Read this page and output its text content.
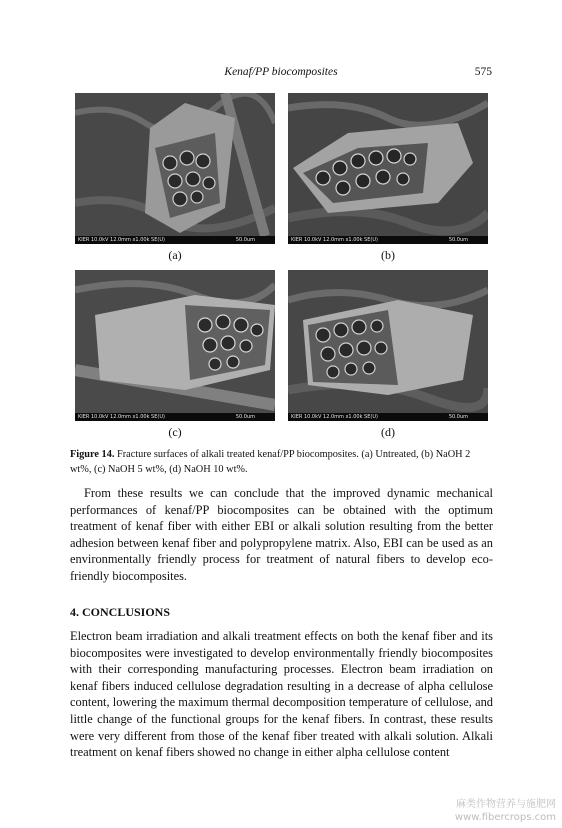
Kenaf/PP biocomposites	575
KIER 10.0kV 12.0mm x1.00k SE(U)	50.0um
(a)
KIER 10.0kV 12.0mm x1.00k SE(U)	50.0um
(b)
KIER 10.0kV 12.0mm x1.00k SE(U)	50.0um
(c)
KIER 10.0kV 12.0mm x1.00k SE(U)	50.0um
(d)
Figure 14. Fracture surfaces of alkali treated kenaf/PP biocomposites. (a) Untreated, (b) NaOH 2 wt%, (c) NaOH 5 wt%, (d) NaOH 10 wt%.
From these results we can conclude that the improved dynamic mechanical performances of kenaf/PP biocomposites can be obtained with the optimum treatment of kenaf fiber with either EBI or alkali solution resulting from the better adhesion between kenaf fiber and polypropylene matrix. Also, EBI can be used as an environmentally friendly process for treatment of natural fibers to develop eco-friendly biocomposites.
4. CONCLUSIONS
Electron beam irradiation and alkali treatment effects on both the kenaf fiber and its biocomposites were investigated to develop environmentally friendly biocomposites with their corresponding manufacturing processes. Electron beam irradiation on kenaf fibers induced cellulose degradation resulting in a decrease of alpha cellulose content, lowering the maximum thermal decomposition temperature of cellulose, and little change of the functional groups for the kenaf fibers. In contrast, these results were very different from those of the kenaf fiber treated with alkali solution. Alkali treatment on kenaf fibers showed no change in either alpha cellulose content
麻类作物营养与施肥网
www.fibercrops.com
